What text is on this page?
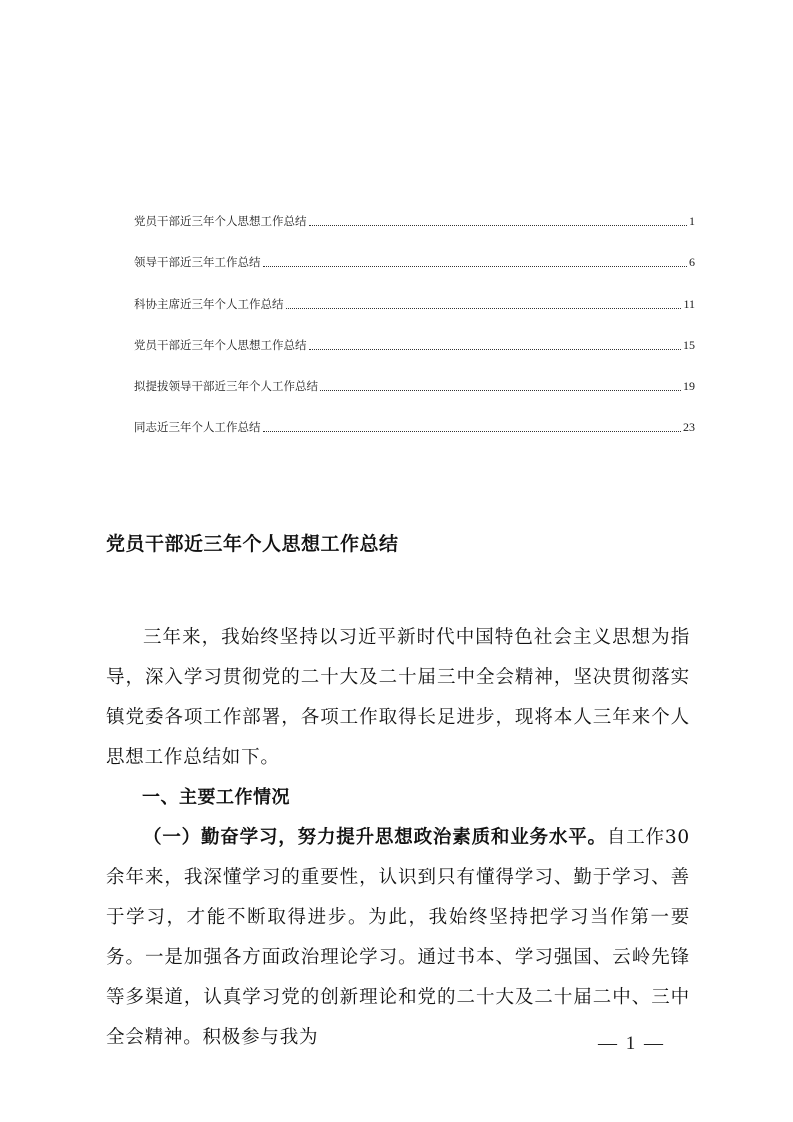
党员干部近三年个人思想工作总结	1
领导干部近三年工作总结	6
科协主席近三年个人工作总结	11
党员干部近三年个人思想工作总结	15
拟提拔领导干部近三年个人工作总结	19
同志近三年个人工作总结	23
党员干部近三年个人思想工作总结

三年来，我始终坚持以习近平新时代中国特色社会主义思想为指导，深入学习贯彻党的二十大及二十届三中全会精神，坚决贯彻落实镇党委各项工作部署，各项工作取得长足进步，现将本人三年来个人思想工作总结如下。

一、主要工作情况

（一）勤奋学习，努力提升思想政治素质和业务水平。自工作30余年来，我深懂学习的重要性，认识到只有懂得学习、勤于学习、善于学习，才能不断取得进步。为此，我始终坚持把学习当作第一要务。一是加强各方面政治理论学习。通过书本、学习强国、云岭先锋等多渠道，认真学习党的创新理论和党的二十大及二十届二中、三中全会精神。积极参与我为	— 1 —
